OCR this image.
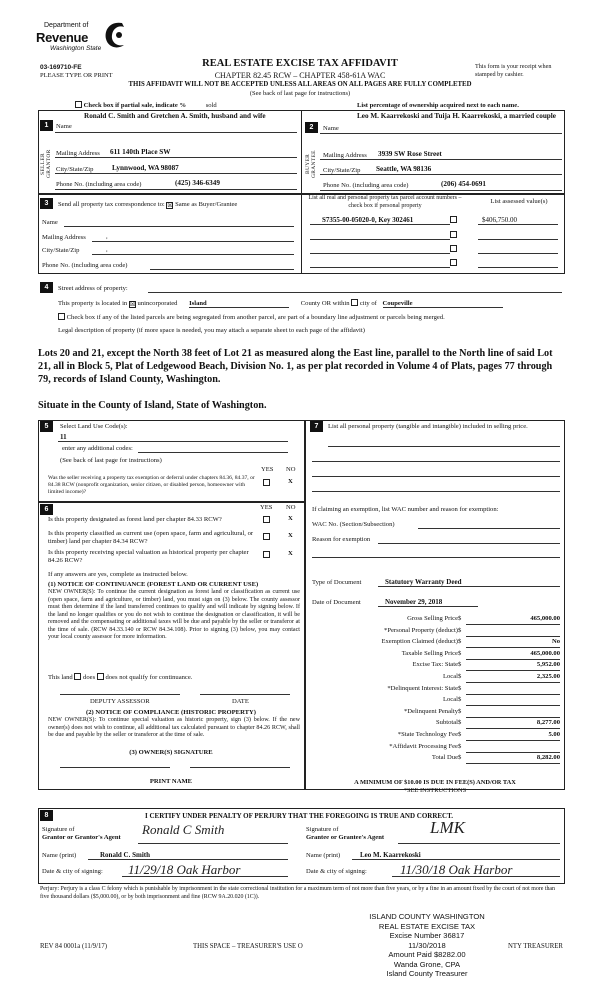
Department of
Revenue
Washington State
03-169710-FE
PLEASE TYPE OR PRINT
REAL ESTATE EXCISE TAX AFFIDAVIT
CHAPTER 82.45 RCW – CHAPTER 458-61A WAC
THIS AFFIDAVIT WILL NOT BE ACCEPTED UNLESS ALL AREAS ON ALL PAGES ARE FULLY COMPLETED
(See back of last page for instructions)
This form is your receipt when stamped by cashier.
Check box if partial sale, indicate %	sold	List percentage of ownership acquired next to each name.
1
SELLER GRANTOR
Name
Ronald C. Smith and Gretchen A. Smith, husband and wife
Mailing Address 611 140th Place SW
City/State/Zip	Lynnwood, WA 98087
Phone No. (including area code)	(425) 346-6349
2
BUYER GRANTEE
Name
Leo M. Kaarrekoski and Tuija H. Kaarrekoski, a married couple
Mailing Address 3939 SW Rose Street
City/State/Zip Seattle, WA 98136
Phone No. (including area code)	(206) 454-0691
3	Send all property tax correspondence to: ☒ Same as Buyer/Grantee
Name
Mailing Address	,
City/State/Zip	,
Phone No. (including area code)
List all real and personal property tax parcel account numbers – check box if personal property
List assessed value(s)
S7355-00-05020-0, Key 302461	$406,750.00
4	Street address of property:
This property is located in ☒ unincorporated Island	County OR within city of Coupeville
Check box if any of the listed parcels are being segregated from another parcel, are part of a boundary line adjustment or parcels being merged.
Legal description of property (if more space is needed, you may attach a separate sheet to each page of the affidavit)
Lots 20 and 21, except the North 38 feet of Lot 21 as measured along the East line, parallel to the North line of said Lot 21, all in Block 5, Plat of Ledgewood Beach, Division No. 1, as per plat recorded in Volume 4 of Plats, pages 77 through 79, records of Island County, Washington.
Situate in the County of Island, State of Washington.
5	Select Land Use Code(s):
11
enter any additional codes:
(See back of last page for instructions)
YES NO
Was the seller receiving a property tax exemption or deferral under chapters 84.36, 84.37, or 84.38 RCW (nonprofit organization, senior citizen, or disabled person, homeowner with limited income)?
X
6	YES NO
Is this property designated as forest land per chapter 84.33 RCW?	X
Is this property classified as current use (open space, farm and agricultural, or timber) land per chapter 84.34 RCW?
X
Is this property receiving special valuation as historical property per chapter 84.26 RCW?
X
If any answers are yes, complete as instructed below.
(1) NOTICE OF CONTINUANCE (FOREST LAND OR CURRENT USE)
NEW OWNER(S): To continue the current designation as forest land or classification as current use (open space, farm and agriculture, or timber) land, you must sign on (3) below. The county assessor must then determine if the land transferred continues to qualify and will indicate by signing below. If the land no longer qualifies or you do not wish to continue the designation or classification, it will be removed and the compensating or additional taxes will be due and payable by the seller or transferor at the time of sale. (RCW 84.33.140 or RCW 84.34.108). Prior to signing (3) below, you may contact your local county assessor for more information.
This land does does not qualify for continuance.
DEPUTY ASSESSOR	DATE
(2) NOTICE OF COMPLIANCE (HISTORIC PROPERTY)
NEW OWNER(S): To continue special valuation as historic property, sign (3) below. If the new owner(s) does not wish to continue, all additional tax calculated pursuant to chapter 84.26 RCW, shall be due and payable by the seller or transferor at the time of sale.
(3) OWNER(S) SIGNATURE
PRINT NAME
7	List all personal property (tangible and intangible) included in selling price.
If claiming an exemption, list WAC number and reason for exemption:
WAC No. (Section/Subsection)
Reason for exemption
Type of Document	Statutory Warranty Deed
Date of Document	November 29, 2018
Gross Selling Price $	465,000.00
*Personal Property (deduct) $
Exemption Claimed (deduct) $	No
Taxable Selling Price $	465,000.00
Excise Tax: State $	5,952.00
Local $	2,325.00
*Delinquent Interest: State $
Local $
*Delinquent Penalty $
Subtotal $	8,277.00
*State Technology Fee $	5.00
*Affidavit Processing Fee $
Total Due $	8,282.00
A MINIMUM OF $10.00 IS DUE IN FEE(S) AND/OR TAX
*SEE INSTRUCTIONS
8	I CERTIFY UNDER PENALTY OF PERJURY THAT THE FOREGOING IS TRUE AND CORRECT.
Signature of
Grantor or Grantor's Agent
Ronald C Smith
Name (print)	Ronald C. Smith
Date & city of signing: 11/29/18 Oak Harbor
Signature of
Grantee or Grantee's Agent
LMK
Name (print)	Leo M. Kaarrekoski
Date & city of signing:	11/30/18 Oak Harbor
Perjury: Perjury is a class C felony which is punishable by imprisonment in the state correctional institution for a maximum term of not more than five years, or by a fine in an amount fixed by the court of not more than five thousand dollars ($5,000.00), or by both imprisonment and fine (RCW 9A.20.020 (1C)).
REV 84 0001a (11/9/17)	THIS SPACE – TREASURER'S USE O	NTY TREASURER
ISLAND COUNTY WASHINGTON
REAL ESTATE EXCISE TAX
Excise Number 36817
11/30/2018
Amount Paid $8282.00
Wanda Grone, CPA
Island County Treasurer
